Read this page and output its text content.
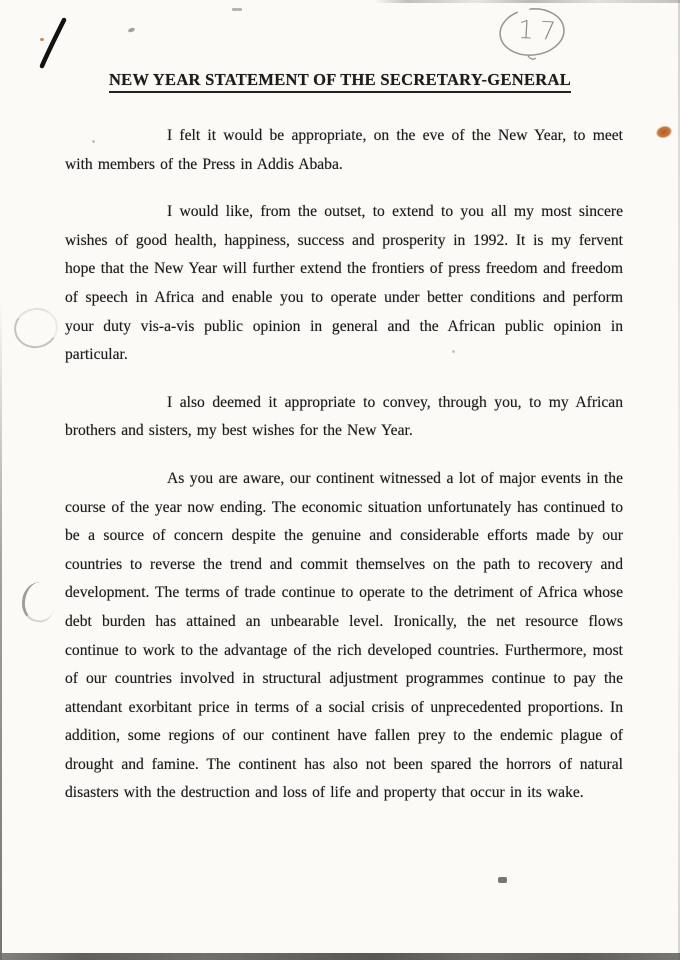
17
NEW YEAR STATEMENT OF THE SECRETARY-GENERAL

I felt it would be appropriate, on the eve of the New Year, to meet with members of the Press in Addis Ababa.

I would like, from the outset, to extend to you all my most sincere wishes of good health, happiness, success and prosperity in 1992. It is my fervent hope that the New Year will further extend the frontiers of press freedom and freedom of speech in Africa and enable you to operate under better conditions and perform your duty vis-a-vis public opinion in general and the African public opinion in particular.

I also deemed it appropriate to convey, through you, to my African brothers and sisters, my best wishes for the New Year.

As you are aware, our continent witnessed a lot of major events in the course of the year now ending. The economic situation unfortunately has continued to be a source of concern despite the genuine and considerable efforts made by our countries to reverse the trend and commit themselves on the path to recovery and development. The terms of trade continue to operate to the detriment of Africa whose debt burden has attained an unbearable level. Ironically, the net resource flows continue to work to the advantage of the rich developed countries. Furthermore, most of our countries involved in structural adjustment programmes continue to pay the attendant exorbitant price in terms of a social crisis of unprecedented proportions. In addition, some regions of our continent have fallen prey to the endemic plague of drought and famine. The continent has also not been spared the horrors of natural disasters with the destruction and loss of life and property that occur in its wake.
